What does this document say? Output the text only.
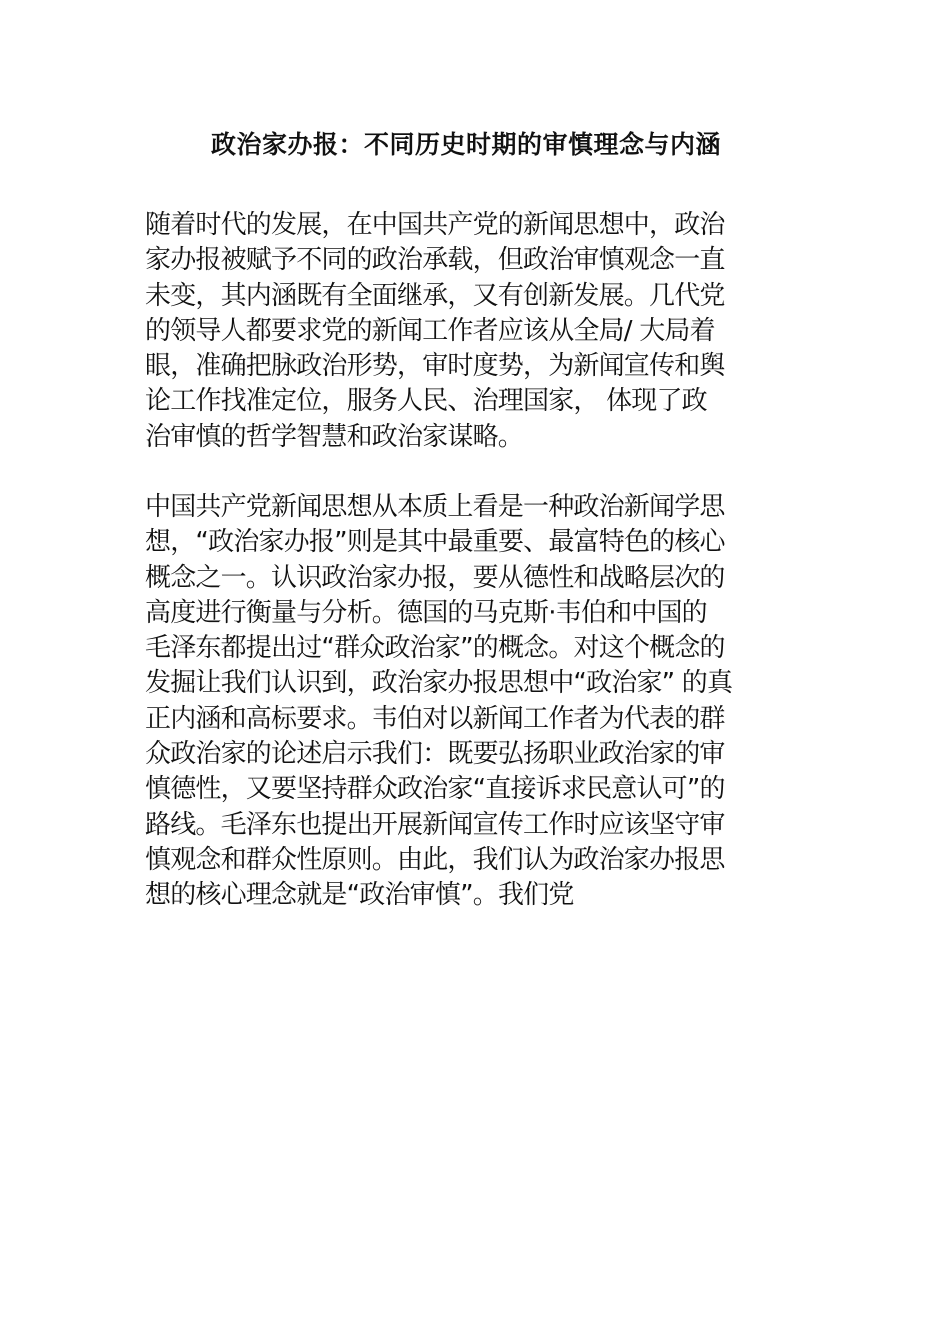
政治家办报：不同历史时期的审慎理念与内涵

随着时代的发展，在中国共产党的新闻思想中，政治
家办报被赋予不同的政治承载，但政治审慎观念一直
未变，其内涵既有全面继承，又有创新发展。几代党
的领导人都要求党的新闻工作者应该从全局/ 大局着
眼，准确把脉政治形势，审时度势，为新闻宣传和舆
论工作找准定位，服务人民、治理国家， 体现了政
治审慎的哲学智慧和政治家谋略。

中国共产党新闻思想从本质上看是一种政治新闻学思
想，“政治家办报”则是其中最重要、最富特色的核心
概念之一。认识政治家办报，要从德性和战略层次的
高度进行衡量与分析。德国的马克斯·韦伯和中国的
毛泽东都提出过“群众政治家”的概念。对这个概念的
发掘让我们认识到，政治家办报思想中“政治家” 的真
正内涵和高标要求。韦伯对以新闻工作者为代表的群
众政治家的论述启示我们：既要弘扬职业政治家的审
慎德性，又要坚持群众政治家“直接诉求民意认可”的
路线。毛泽东也提出开展新闻宣传工作时应该坚守审
慎观念和群众性原则。由此，我们认为政治家办报思
想的核心理念就是“政治审慎”。我们党
